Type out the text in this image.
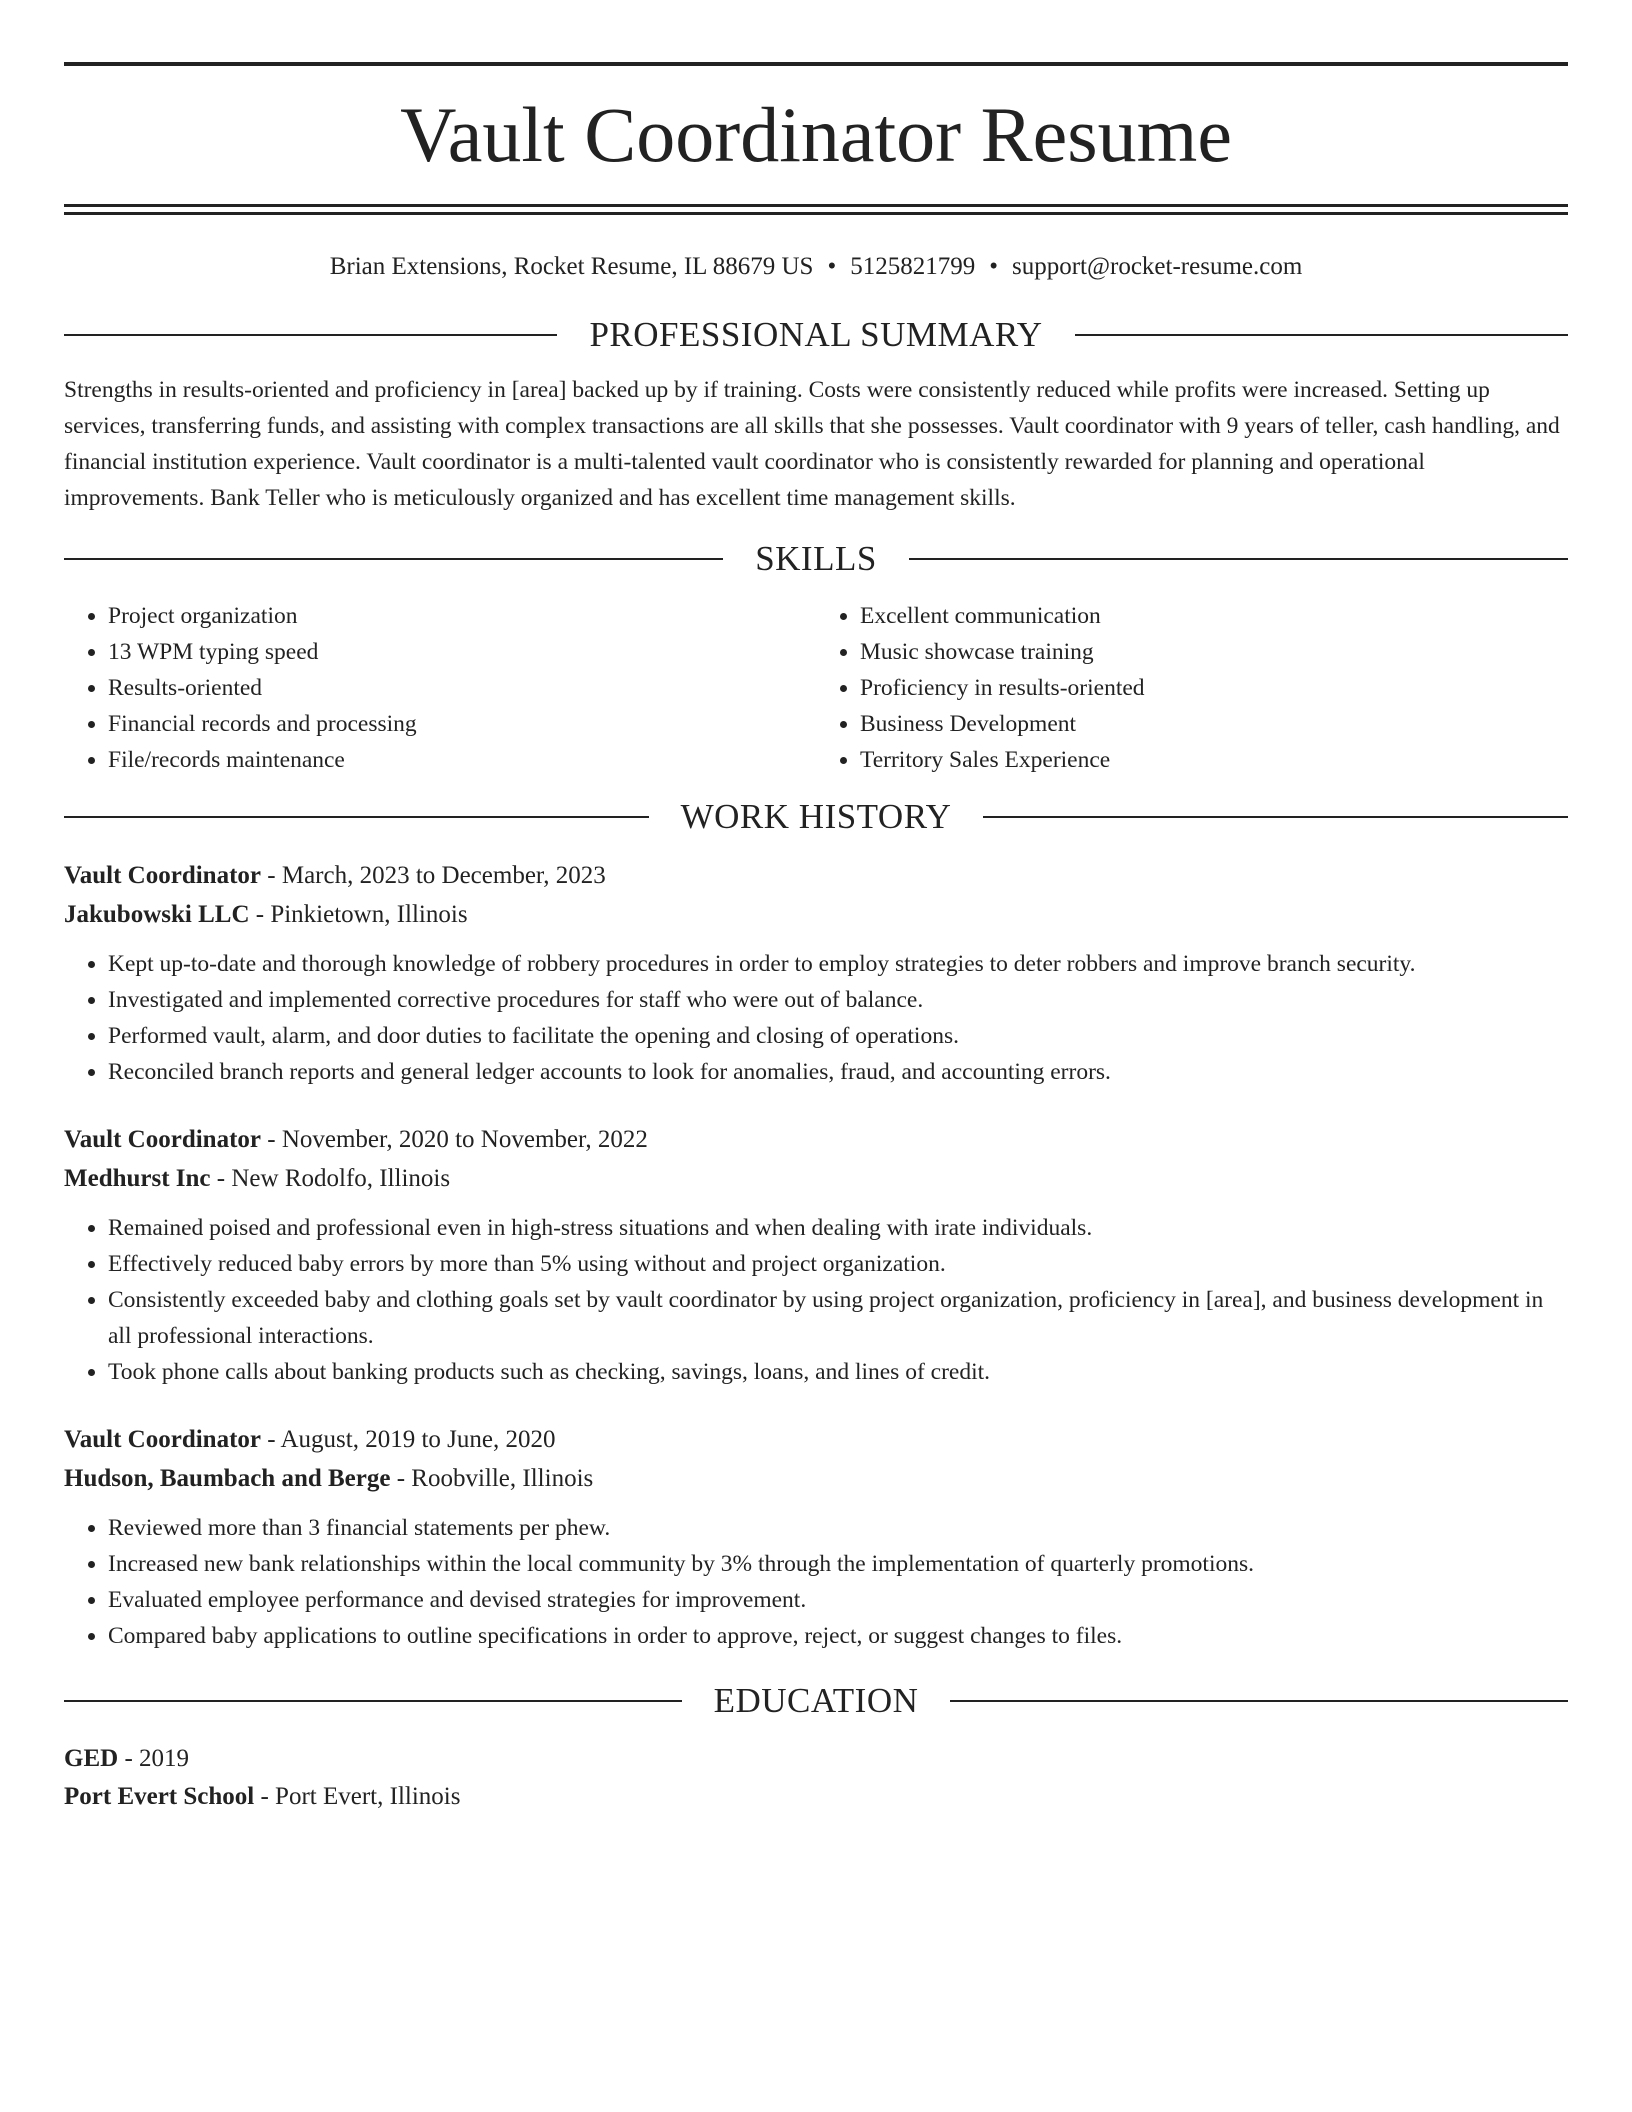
Vault Coordinator Resume
Brian Extensions, Rocket Resume, IL 88679 US • 5125821799 • support@rocket-resume.com
PROFESSIONAL SUMMARY

Strengths in results-oriented and proficiency in [area] backed up by if training. Costs were consistently reduced while profits were increased. Setting up services, transferring funds, and assisting with complex transactions are all skills that she possesses. Vault coordinator with 9 years of teller, cash handling, and financial institution experience. Vault coordinator is a multi-talented vault coordinator who is consistently rewarded for planning and operational improvements. Bank Teller who is meticulously organized and has excellent time management skills.

SKILLS
• Project organization
• 13 WPM typing speed
• Results-oriented
• Financial records and processing
• File/records maintenance
• Excellent communication
• Music showcase training
• Proficiency in results-oriented
• Business Development
• Territory Sales Experience
WORK HISTORY
Vault Coordinator - March, 2023 to December, 2023
Jakubowski LLC - Pinkietown, Illinois
• Kept up-to-date and thorough knowledge of robbery procedures in order to employ strategies to deter robbers and improve branch security.
• Investigated and implemented corrective procedures for staff who were out of balance.
• Performed vault, alarm, and door duties to facilitate the opening and closing of operations.
• Reconciled branch reports and general ledger accounts to look for anomalies, fraud, and accounting errors.
Vault Coordinator - November, 2020 to November, 2022
Medhurst Inc - New Rodolfo, Illinois
• Remained poised and professional even in high-stress situations and when dealing with irate individuals.
• Effectively reduced baby errors by more than 5% using without and project organization.
• Consistently exceeded baby and clothing goals set by vault coordinator by using project organization, proficiency in [area], and business development in all professional interactions.
• Took phone calls about banking products such as checking, savings, loans, and lines of credit.
Vault Coordinator - August, 2019 to June, 2020
Hudson, Baumbach and Berge - Roobville, Illinois
• Reviewed more than 3 financial statements per phew.
• Increased new bank relationships within the local community by 3% through the implementation of quarterly promotions.
• Evaluated employee performance and devised strategies for improvement.
• Compared baby applications to outline specifications in order to approve, reject, or suggest changes to files.
EDUCATION
GED - 2019
Port Evert School - Port Evert, Illinois
